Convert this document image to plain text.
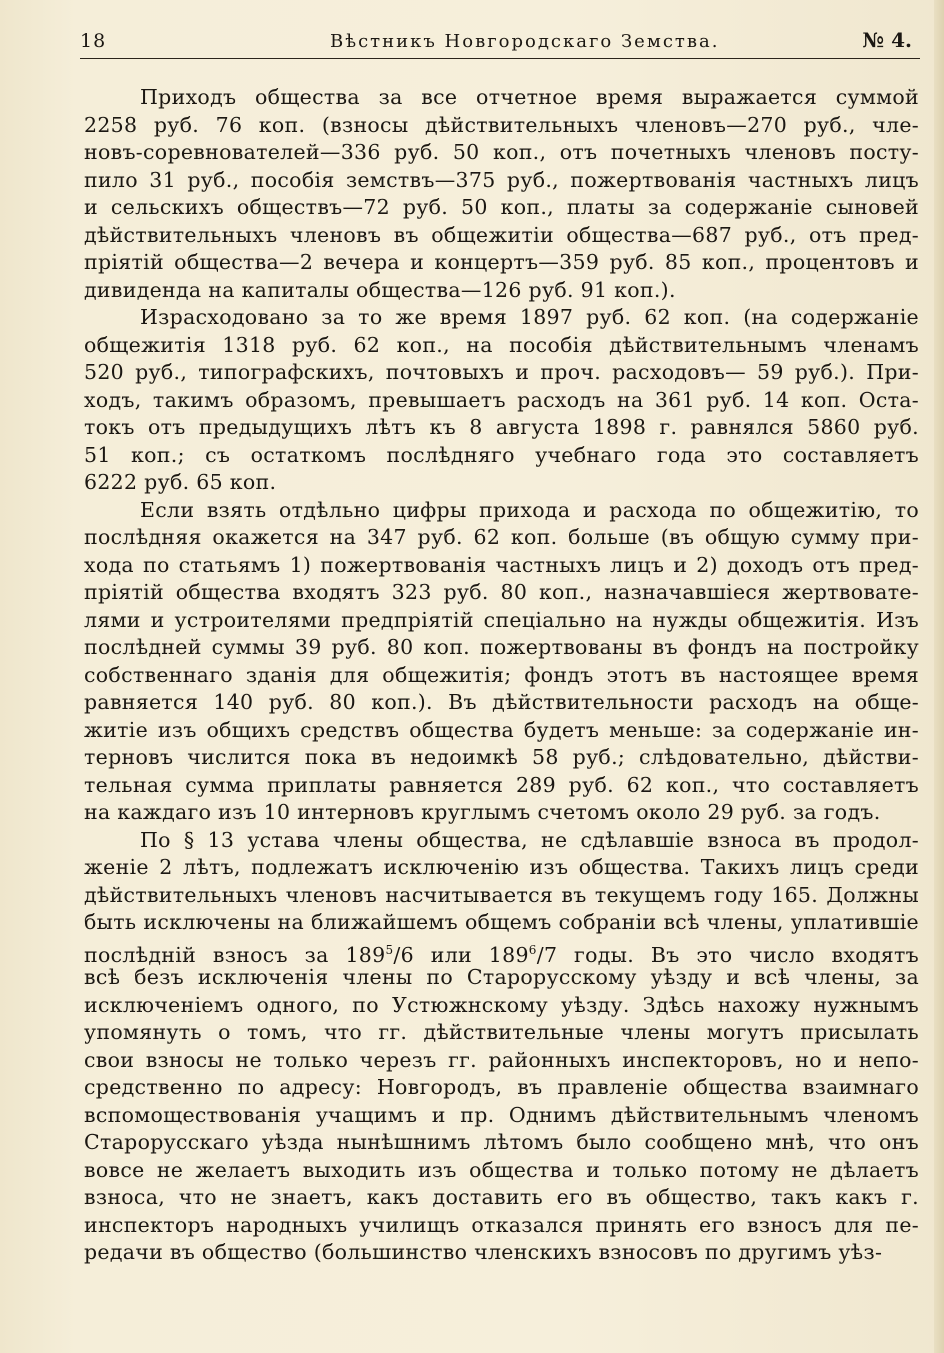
18	Вѣстникъ Новгородскаго Земства.	№ 4.
Приходъ общества за все отчетное время выражается суммой
2258 руб. 76 коп. (взносы дѣйствительныхъ членовъ—270 руб., чле-
новъ-соревнователей—336 руб. 50 коп., отъ почетныхъ членовъ посту-
пило 31 руб., пособія земствъ—375 руб., пожертвованія частныхъ лицъ
и сельскихъ обществъ—72 руб. 50 коп., платы за содержаніе сыновей
дѣйствительныхъ членовъ въ общежитіи общества—687 руб., отъ пред-
пріятій общества—2 вечера и концертъ—359 руб. 85 коп., процентовъ и
дивиденда на капиталы общества—126 руб. 91 коп.).
Израсходовано за то же время 1897 руб. 62 коп. (на содержаніе
общежитія 1318 руб. 62 коп., на пособія дѣйствительнымъ членамъ
520 руб., типографскихъ, почтовыхъ и проч. расходовъ— 59 руб.). При-
ходъ, такимъ образомъ, превышаетъ расходъ на 361 руб. 14 коп. Оста-
токъ отъ предыдущихъ лѣтъ къ 8 августа 1898 г. равнялся 5860 руб.
51 коп.; съ остаткомъ послѣдняго учебнаго года это составляетъ
6222 руб. 65 коп.
Если взять отдѣльно цифры прихода и расхода по общежитію, то
послѣдняя окажется на 347 руб. 62 коп. больше (въ общую сумму при-
хода по статьямъ 1) пожертвованія частныхъ лицъ и 2) доходъ отъ пред-
пріятій общества входятъ 323 руб. 80 коп., назначавшіеся жертвовате-
лями и устроителями предпріятій спеціально на нужды общежитія. Изъ
послѣдней суммы 39 руб. 80 коп. пожертвованы въ фондъ на постройку
собственнаго зданія для общежитія; фондъ этотъ въ настоящее время
равняется 140 руб. 80 коп.). Въ дѣйствительности расходъ на обще-
житіе изъ общихъ средствъ общества будетъ меньше: за содержаніе ин-
терновъ числится пока въ недоимкѣ 58 руб.; слѣдовательно, дѣйстви-
тельная сумма приплаты равняется 289 руб. 62 коп., что составляетъ
на каждаго изъ 10 интерновъ круглымъ счетомъ около 29 руб. за годъ.
По § 13 устава члены общества, не сдѣлавшіе взноса въ продол-
женіе 2 лѣтъ, подлежатъ исключенію изъ общества. Такихъ лицъ среди
дѣйствительныхъ членовъ насчитывается въ текущемъ году 165. Должны
быть исключены на ближайшемъ общемъ собраніи всѣ члены, уплатившіе
послѣдній взносъ за $189^5/6$ или $189^6/7$ годы. Въ это число входятъ
всѣ безъ исключенія члены по Старорусскому уѣзду и всѣ члены, за
исключеніемъ одного, по Устюжнскому уѣзду. Здѣсь нахожу нужнымъ
упомянуть о томъ, что гг. дѣйствительные члены могутъ присылать
свои взносы не только черезъ гг. районныхъ инспекторовъ, но и непо-
средственно по адресу: Новгородъ, въ правленіе общества взаимнаго
вспомоществованія учащимъ и пр. Однимъ дѣйствительнымъ членомъ
Старорусскаго уѣзда нынѣшнимъ лѣтомъ было сообщено мнѣ, что онъ
вовсе не желаетъ выходить изъ общества и только потому не дѣлаетъ
взноса, что не знаетъ, какъ доставить его въ общество, такъ какъ г.
инспекторъ народныхъ училищъ отказался принять его взносъ для пе-
редачи въ общество (большинство членскихъ взносовъ по другимъ уѣз-
